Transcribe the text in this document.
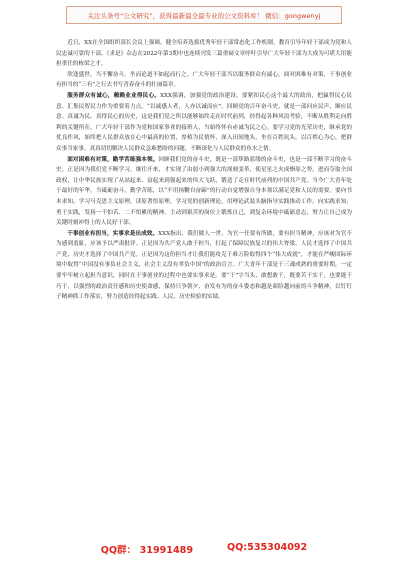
关注头条号“公文研究”，获得最新最全最专业的公文资料库！ 微信：gongwenyj

近日，XX在全国组织部长会议上强调，健全培养选拔优秀年轻干部常态化工作机制。教育引导年轻干部成为党和人民忠诚可靠的干部。《求是》杂志在2022年第3期中也连续刊发三篇重磅文章呼吁引导广大年轻干部为大成为可堪大用能担重任的栋梁之才。

欣逢盛世，当不懈奋斗，坐而论道不如起而行之。广大年轻干部当以服务群众有诚心，面对困难有对策，干事创业有担当的“三有”之行去书写青春奋斗的壮丽篇章。

服务群众有诚心，赖赖业业得民心。XXX强调，加强党的政治建设，要紧扣民心这个最大的政治，把赢得民心民意、汇集民智民力作为重要着力点。“以诚感人者，人亦以诚而应”。回顾党的百年奋斗史，就是一部问应民声、顺应民意、真诚为民、真得民心的历史，这是我们党之所以能够始终走在时代前列，经得起各种风浪考验，不断从胜利走向胜利的关键所在。广大年轻干部作为党和国家事业的接班人，当始终怀有赤诚为民之心。要学习党的光荣历史，继承党的优良作风，始终把人民群众放在心中最高的位置，厚植为民情怀，深入田间地头，坐在百姓炕头，以百姓心为心，把群众事当家事，真真切切解决人民群众急难愁盼的问题，不断深化与人民群众的鱼水之情。

面对困难有对策，勤学苦练强本领。回顾我们党的奋斗史，既是一部筚路蓝缕的奋斗史，也是一部不断学习的奋斗史。正是因为我们党不断学习，继往开来，才实现了由弱小到强大的深刻变革，使星星之火成燎原之势，进而夺取全国政权，让中华民族实现了从站起来、富起来到强起来的伟大飞跃，锻造了走在时代前列的中国共产党。当今广大青年处于最好的年华，当砥砺奋斗，勤学苦练，以“不用扬鞭自奋蹄”的行动自觉增强自身本领以满足党和人民的需要。要向书本求知，学习马克思主义原理，读原著悟原理，学习党的创新理论，用理论武装头脑指导实践推动工作。向实践求知，勇于实践，发扬一不怕苦、二不怕累的精神，主动到艰苦的岗位上锻炼自己，到复杂环境中砥砺意志，努力让自己成为关键时刻冲得上的人民好干部。

干事创业有担当，实事求是出成效。XXX指出，我们做人一世，为官一任要有所做，要有担当精神，应该对为官不为感到羞耻，应该予以严肃批评。正是因为共产党人敢于担当，打起了保障民族复兴的伟大脊梁。人民才选择了中国共产党，历史才选择了中国共产党。正是因为这份担当才让我们能攻克千难万险取得四个“伟大成就”，才能在严峻国际环境中取得“中国没有事负社会主义，社会主义没有辜负中国”的政治宣言。广大青年干部是干三魂成熟的重要时期，一定要牢牢树立起担当意识，同时在于事创业的过程中也要实事求是。要“干”字当头、敢想敢干，既要苦干实干，也要能干巧干，以强烈的政治责任感和历史使命感，保持只争朝夕、奋发有为的奋斗姿态和越是艰险越向前的斗争精神，以钉钉子精神抓工作落实，努力创造经得起实践、人民、历史检验的实绩。

QQ群： 31991489	QQ:535304092
